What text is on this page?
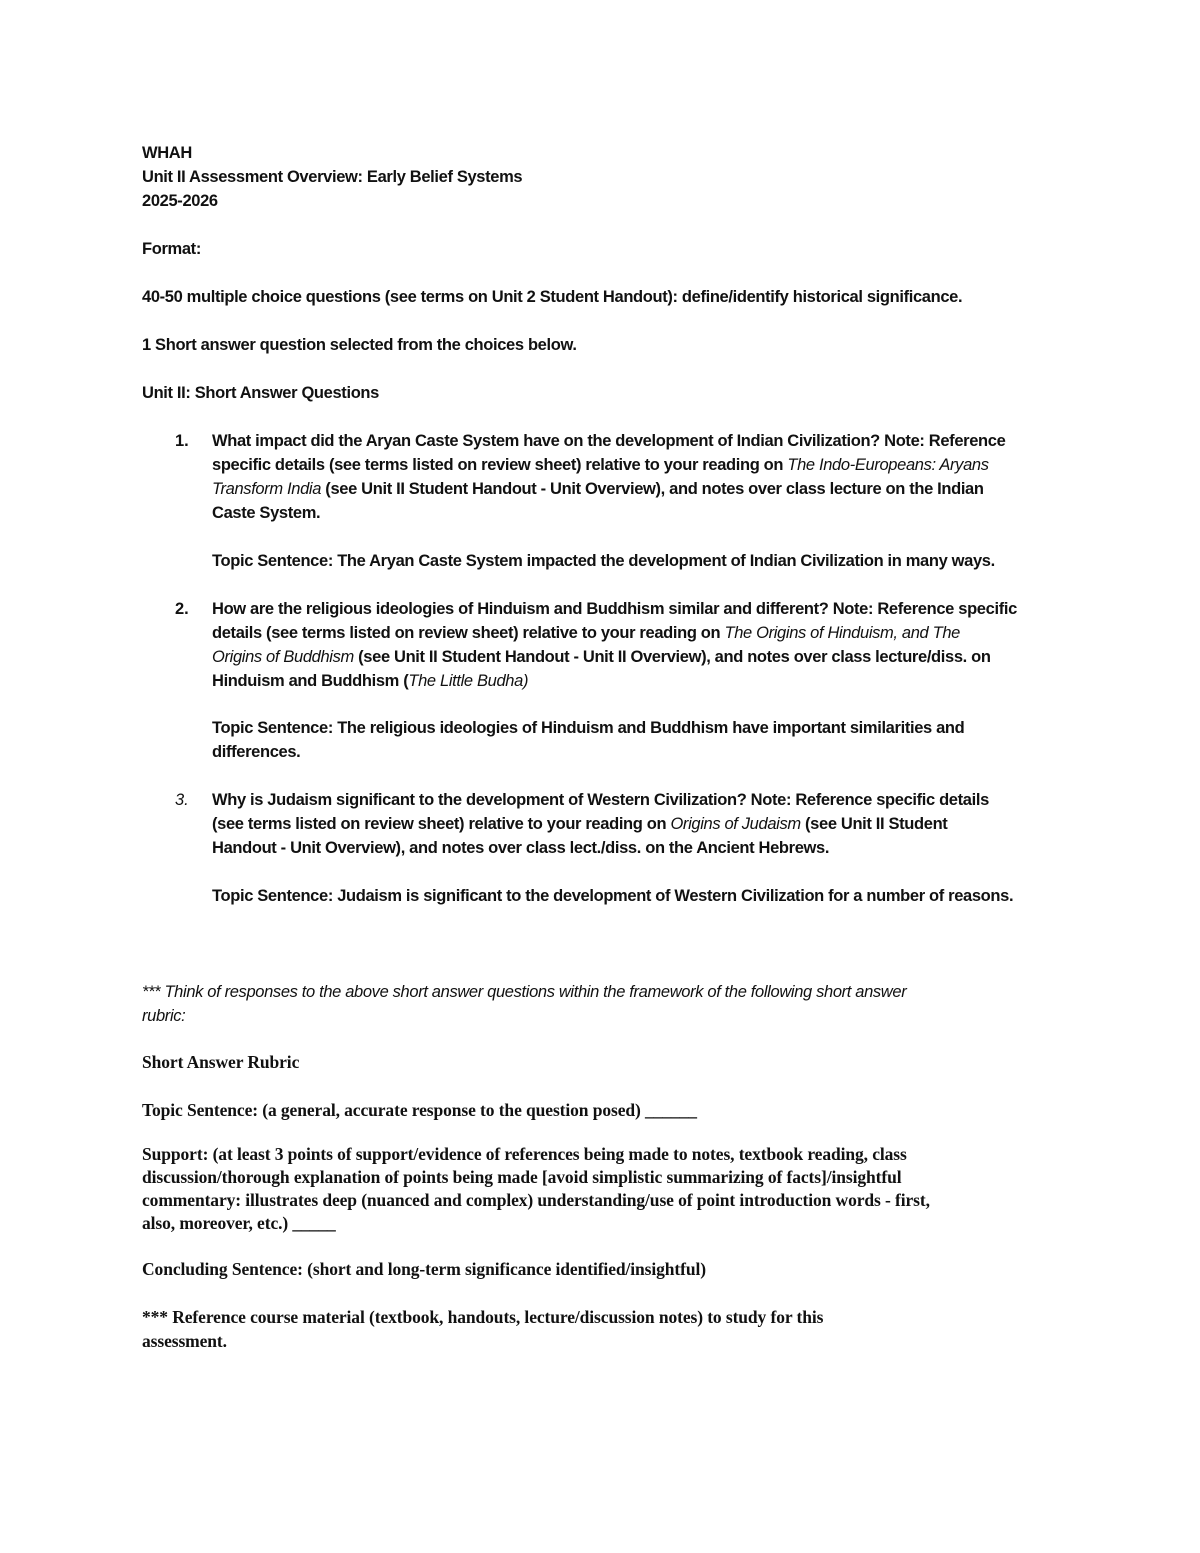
WHAH

Unit II Assessment Overview: Early Belief Systems

2025-2026

Format:

40-50 multiple choice questions (see terms on Unit 2 Student Handout): define/identify historical significance.

1 Short answer question selected from the choices below.

Unit II: Short Answer Questions

1. What impact did the Aryan Caste System have on the development of Indian Civilization? Note: Reference

specific details (see terms listed on review sheet) relative to your reading on The Indo-Europeans: Aryans

Transform India (see Unit II Student Handout - Unit Overview), and notes over class lecture on the Indian

Caste System.

Topic Sentence: The Aryan Caste System impacted the development of Indian Civilization in many ways.

2. How are the religious ideologies of Hinduism and Buddhism similar and different? Note: Reference specific

details (see terms listed on review sheet) relative to your reading on The Origins of Hinduism, and The

Origins of Buddhism (see Unit II Student Handout - Unit II Overview), and notes over class lecture/diss. on

Hinduism and Buddhism (The Little Budha)

Topic Sentence: The religious ideologies of Hinduism and Buddhism have important similarities and

differences.

3. Why is Judaism significant to the development of Western Civilization? Note: Reference specific details

(see terms listed on review sheet) relative to your reading on Origins of Judaism (see Unit II Student

Handout - Unit Overview), and notes over class lect./diss. on the Ancient Hebrews.

Topic Sentence: Judaism is significant to the development of Western Civilization for a number of reasons.

*** Think of responses to the above short answer questions within the framework of the following short answer

rubric:

Short Answer Rubric

Topic Sentence: (a general, accurate response to the question posed) ______

Support: (at least 3 points of support/evidence of references being made to notes, textbook reading, class

discussion/thorough explanation of points being made [avoid simplistic summarizing of facts]/insightful

commentary: illustrates deep (nuanced and complex) understanding/use of point introduction words - first,

also, moreover, etc.) _____

Concluding Sentence: (short and long-term significance identified/insightful)

*** Reference course material (textbook, handouts, lecture/discussion notes) to study for this

assessment.
